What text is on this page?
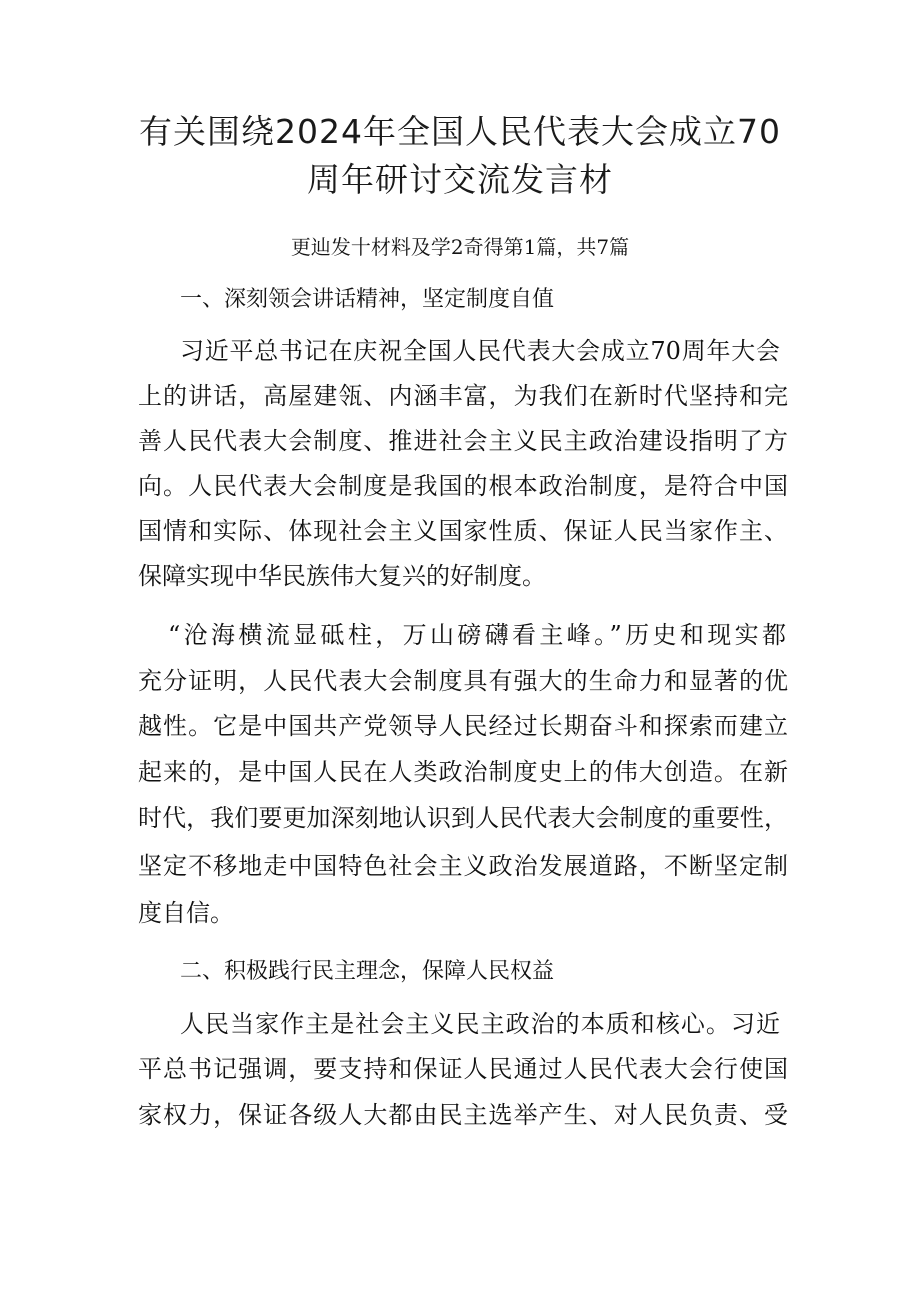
有关围绕2024年全国人民代表大会成立70
周年研讨交流发言材
更辿发十材料及学2奇得第1篇，共7篇
一、深刻领会讲话精神，坚定制度自值
习近平总书记在庆祝全国人民代表大会成立70周年大会
上的讲话，高屋建瓴、内涵丰富，为我们在新时代坚持和完
善人民代表大会制度、推进社会主义民主政治建设指明了方
向。人民代表大会制度是我国的根本政治制度，是符合中国
国情和实际、体现社会主义国家性质、保证人民当家作主、
保障实现中华民族伟大复兴的好制度。
“沧海横流显砥柱，万山磅礴看主峰。”历史和现实都
充分证明，人民代表大会制度具有强大的生命力和显著的优
越性。它是中国共产党领导人民经过长期奋斗和探索而建立
起来的，是中国人民在人类政治制度史上的伟大创造。在新
时代，我们要更加深刻地认识到人民代表大会制度的重要性，
坚定不移地走中国特色社会主义政治发展道路，不断坚定制
度自信。
二、积极践行民主理念，保障人民权益
人民当家作主是社会主义民主政治的本质和核心。习近
平总书记强调，要支持和保证人民通过人民代表大会行使国
家权力，保证各级人大都由民主选举产生、对人民负责、受
